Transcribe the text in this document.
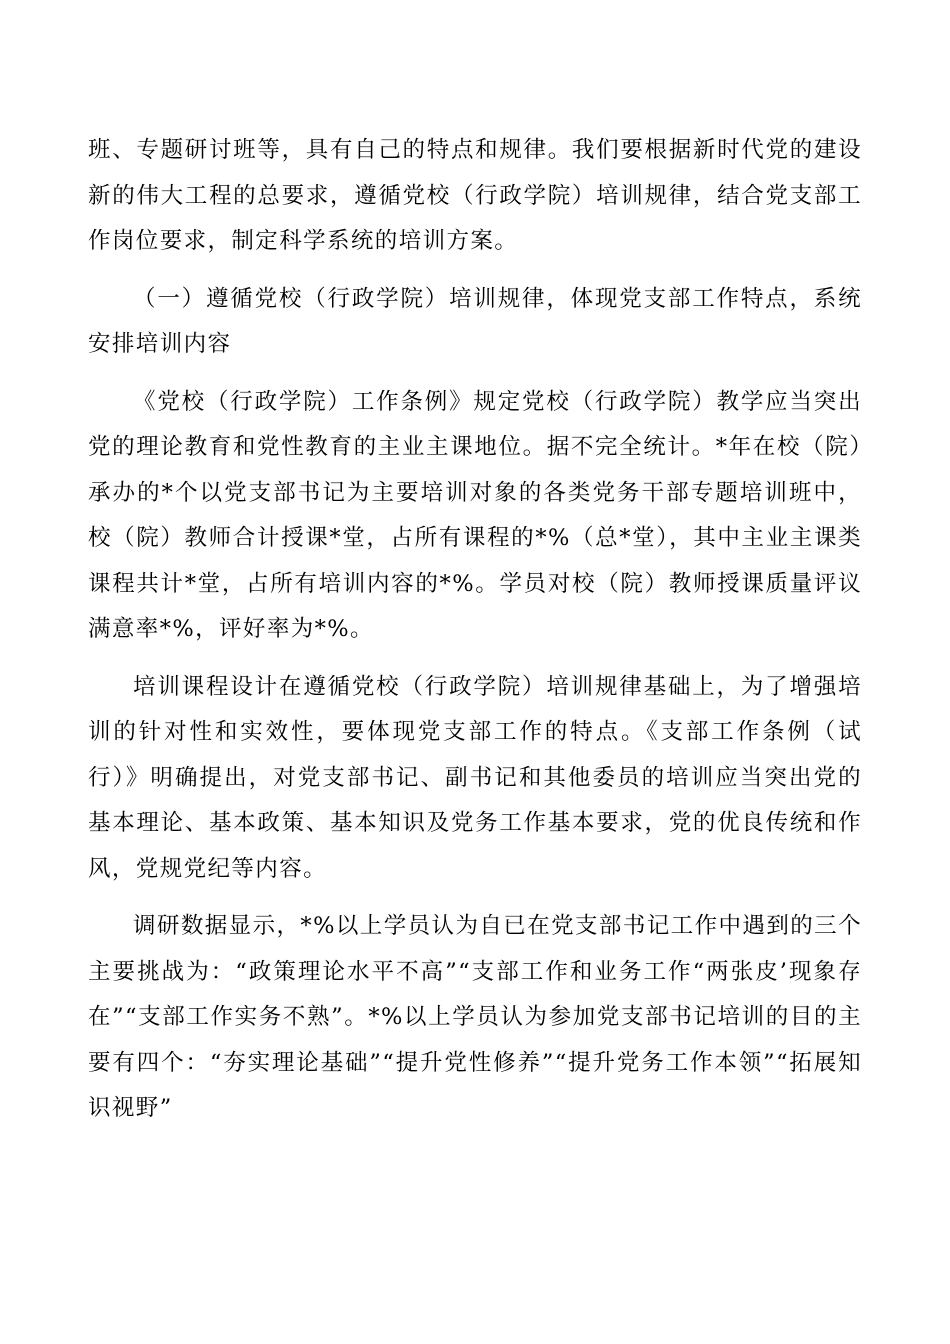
班、专题研讨班等，具有自己的特点和规律。我们要根据新时代党的建设新的伟大工程的总要求，遵循党校（行政学院）培训规律，结合党支部工作岗位要求，制定科学系统的培训方案。

（一）遵循党校（行政学院）培训规律，体现党支部工作特点，系统安排培训内容

《党校（行政学院）工作条例》规定党校（行政学院）教学应当突出党的理论教育和党性教育的主业主课地位。据不完全统计。*年在校（院）承办的*个以党支部书记为主要培训对象的各类党务干部专题培训班中，校（院）教师合计授课*堂，占所有课程的*%（总*堂），其中主业主课类课程共计*堂，占所有培训内容的*%。学员对校（院）教师授课质量评议满意率*%，评好率为*%。

培训课程设计在遵循党校（行政学院）培训规律基础上，为了增强培训的针对性和实效性，要体现党支部工作的特点。《支部工作条例（试行）》明确提出，对党支部书记、副书记和其他委员的培训应当突出党的基本理论、基本政策、基本知识及党务工作基本要求，党的优良传统和作风，党规党纪等内容。

调研数据显示，*%以上学员认为自已在党支部书记工作中遇到的三个主要挑战为：“政策理论水平不高”“支部工作和业务工作“两张皮’现象存在”“支部工作实务不熟”。*%以上学员认为参加党支部书记培训的目的主要有四个：“夯实理论基础”“提升党性修养”“提升党务工作本领”“拓展知识视野”
